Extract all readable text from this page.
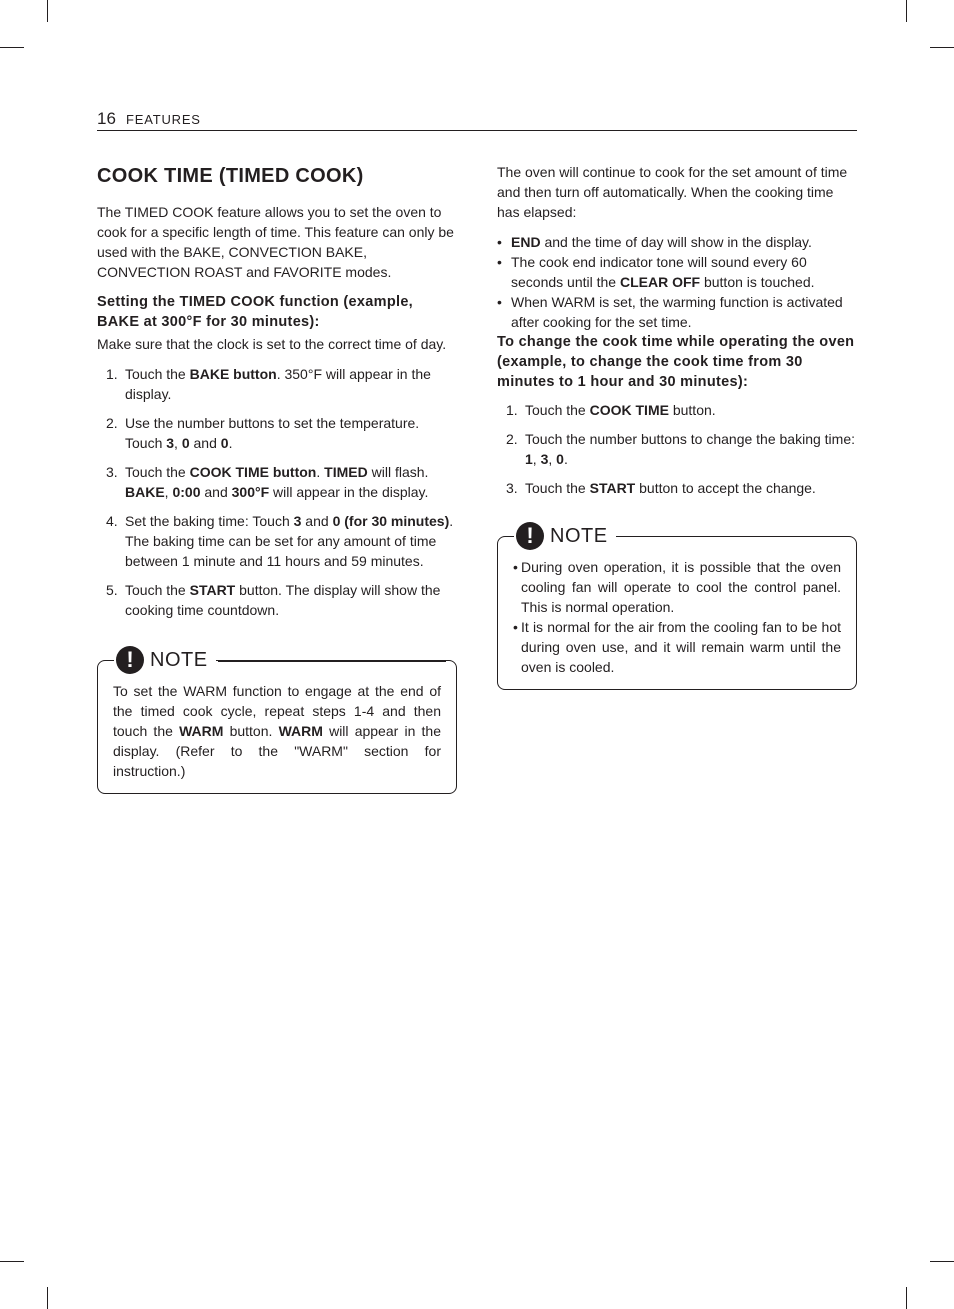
16 FEATURES
COOK TIME (TIMED COOK)

The TIMED COOK feature allows you to set the oven to cook for a specific length of time. This feature can only be used with the BAKE, CONVECTION BAKE, CONVECTION ROAST and FAVORITE modes.

Setting the TIMED COOK function (example, BAKE at 300°F for 30 minutes):

Make sure that the clock is set to the correct time of day.

1. Touch the BAKE button. 350°F will appear in the display.
2. Use the number buttons to set the temperature. Touch 3, 0 and 0.
3. Touch the COOK TIME button. TIMED will flash. BAKE, 0:00 and 300°F will appear in the display.
4. Set the baking time: Touch 3 and 0 (for 30 minutes). The baking time can be set for any amount of time between 1 minute and 11 hours and 59 minutes.
5. Touch the START button. The display will show the cooking time countdown.
! NOTE

To set the WARM function to engage at the end of the timed cook cycle, repeat steps 1-4 and then touch the WARM button. WARM will appear in the display. (Refer to the "WARM" section for instruction.)

The oven will continue to cook for the set amount of time and then turn off automatically. When the cooking time has elapsed:

• END and the time of day will show in the display.
• The cook end indicator tone will sound every 60 seconds until the CLEAR OFF button is touched.
• When WARM is set, the warming function is activated after cooking for the set time.
To change the cook time while operating the oven (example, to change the cook time from 30 minutes to 1 hour and 30 minutes):
1. Touch the COOK TIME button.
2. Touch the number buttons to change the baking time: 1, 3, 0.
3. Touch the START button to accept the change.
! NOTE
• During oven operation, it is possible that the oven cooling fan will operate to cool the control panel. This is normal operation.
• It is normal for the air from the cooling fan to be hot during oven use, and it will remain warm until the oven is cooled.
